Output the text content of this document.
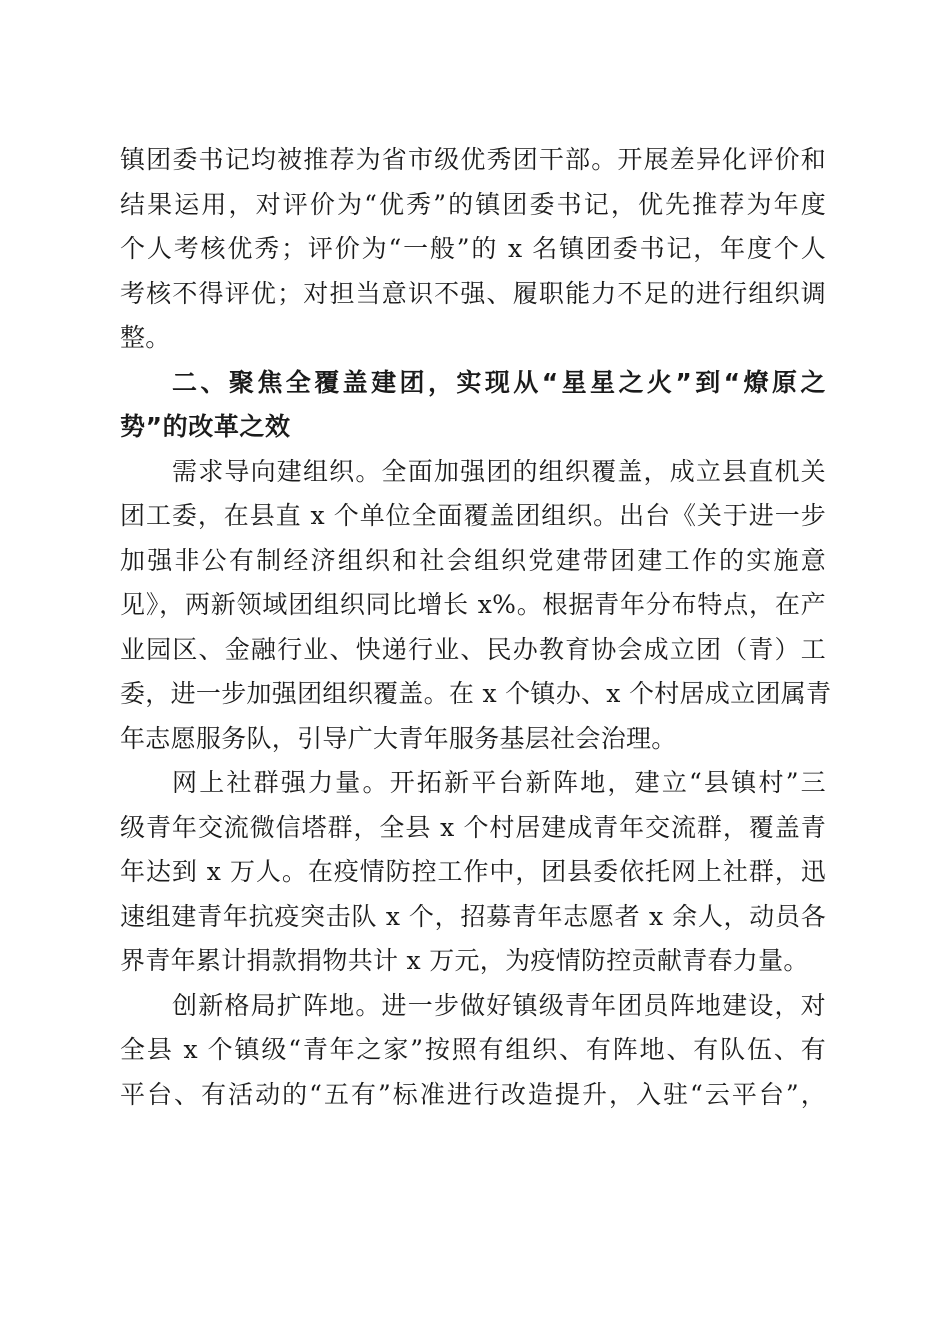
镇团委书记均被推荐为省市级优秀团干部。开展差异化评价和
结果运用，对评价为“优秀”的镇团委书记，优先推荐为年度
个人考核优秀；评价为“一般”的 x 名镇团委书记，年度个人
考核不得评优；对担当意识不强、履职能力不足的进行组织调
整。

二、聚焦全覆盖建团，实现从“星星之火”到“燎原之
势”的改革之效

需求导向建组织。全面加强团的组织覆盖，成立县直机关
团工委，在县直 x 个单位全面覆盖团组织。出台《关于进一步
加强非公有制经济组织和社会组织党建带团建工作的实施意
见》，两新领域团组织同比增长 x%。根据青年分布特点，在产
业园区、金融行业、快递行业、民办教育协会成立团（青）工
委，进一步加强团组织覆盖。在 x 个镇办、x 个村居成立团属青
年志愿服务队，引导广大青年服务基层社会治理。

网上社群强力量。开拓新平台新阵地，建立“县镇村”三
级青年交流微信塔群，全县 x 个村居建成青年交流群，覆盖青
年达到 x 万人。在疫情防控工作中，团县委依托网上社群，迅
速组建青年抗疫突击队 x 个，招募青年志愿者 x 余人，动员各
界青年累计捐款捐物共计 x 万元，为疫情防控贡献青春力量。

创新格局扩阵地。进一步做好镇级青年团员阵地建设，对
全县 x 个镇级“青年之家”按照有组织、有阵地、有队伍、有
平台、有活动的“五有”标准进行改造提升，入驻“云平台”，
